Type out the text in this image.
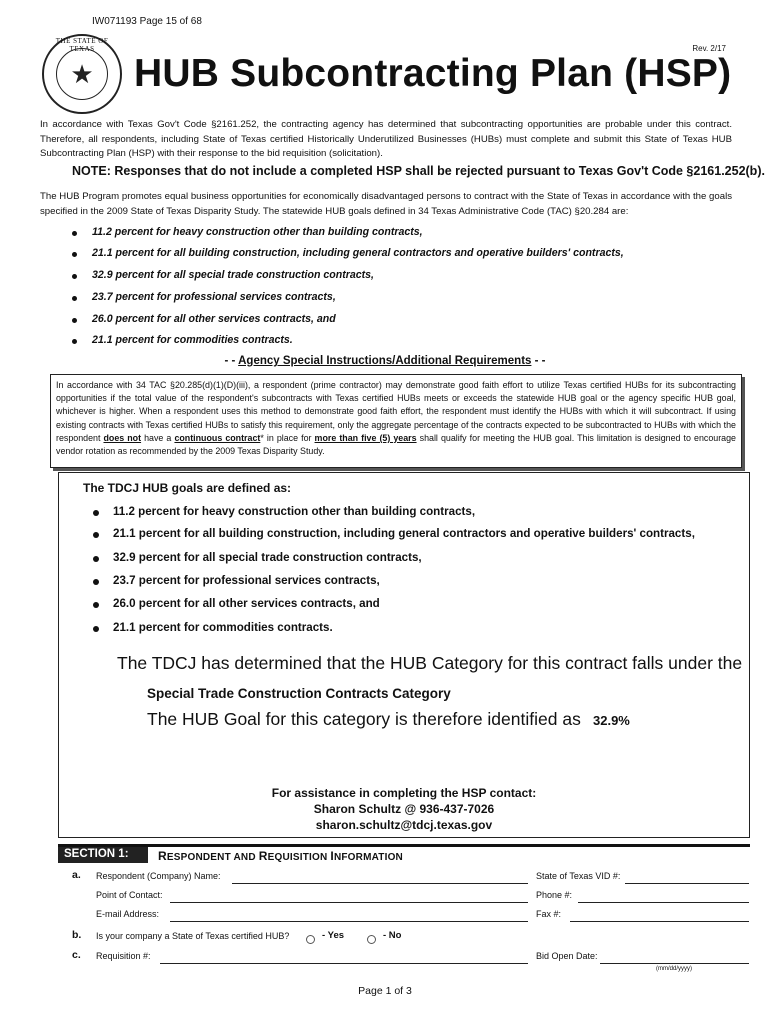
IW071193 Page 15 of 68
THE STATE OF TEXAS
★
Rev. 2/17
HUB Subcontracting Plan (HSP)
In accordance with Texas Gov't Code §2161.252, the contracting agency has determined that subcontracting opportunities are probable under this contract. Therefore, all respondents, including State of Texas certified Historically Underutilized Businesses (HUBs) must complete and submit this State of Texas HUB Subcontracting Plan (HSP) with their response to the bid requisition (solicitation).
NOTE: Responses that do not include a completed HSP shall be rejected pursuant to Texas Gov't Code §2161.252(b).
The HUB Program promotes equal business opportunities for economically disadvantaged persons to contract with the State of Texas in accordance with the goals specified in the 2009 State of Texas Disparity Study. The statewide HUB goals defined in 34 Texas Administrative Code (TAC) §20.284 are:
11.2 percent for heavy construction other than building contracts,
21.1 percent for all building construction, including general contractors and operative builders' contracts,
32.9 percent for all special trade construction contracts,
23.7 percent for professional services contracts,
26.0 percent for all other services contracts, and
21.1 percent for commodities contracts.
- - Agency Special Instructions/Additional Requirements - -
In accordance with 34 TAC §20.285(d)(1)(D)(iii), a respondent (prime contractor) may demonstrate good faith effort to utilize Texas certified HUBs for its subcontracting opportunities if the total value of the respondent's subcontracts with Texas certified HUBs meets or exceeds the statewide HUB goal or the agency specific HUB goal, whichever is higher. When a respondent uses this method to demonstrate good faith effort, the respondent must identify the HUBs with which it will subcontract. If using existing contracts with Texas certified HUBs to satisfy this requirement, only the aggregate percentage of the contracts expected to be subcontracted to HUBs with which the respondent does not have a continuous contract* in place for more than five (5) years shall qualify for meeting the HUB goal. This limitation is designed to encourage vendor rotation as recommended by the 2009 Texas Disparity Study.
The TDCJ HUB goals are defined as:
11.2 percent for heavy construction other than building contracts,
21.1 percent for all building construction, including general contractors and operative builders' contracts,
32.9 percent for all special trade construction contracts,
23.7 percent for professional services contracts,
26.0 percent for all other services contracts, and
21.1 percent for commodities contracts.
The TDCJ has determined that the HUB Category for this contract falls under the
Special Trade Construction Contracts Category
The HUB Goal for this category is therefore identified as 32.9%
For assistance in completing the HSP contact:
Sharon Schultz @ 936-437-7026
sharon.schultz@tdcj.texas.gov
SECTION 1:	RESPONDENT AND REQUISITION INFORMATION
a. Respondent (Company) Name:	State of Texas VID #:
Point of Contact:	Phone #:
E-mail Address:	Fax #:
b. Is your company a State of Texas certified HUB?	- Yes	- No
c. Requisition #:	Bid Open Date:
(mm/dd/yyyy)
Page 1 of 3
